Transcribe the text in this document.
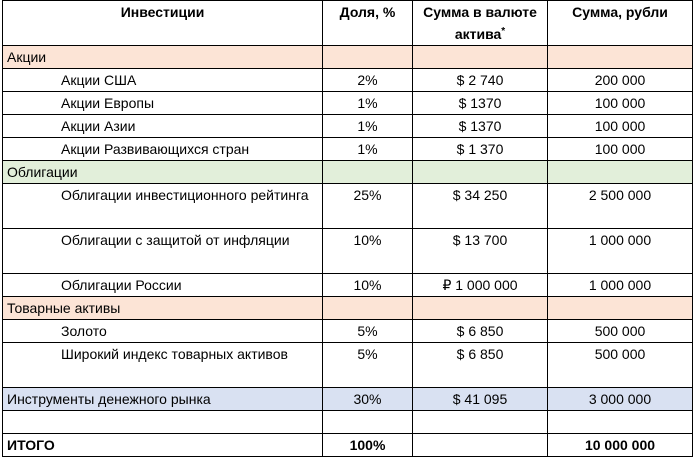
Инвестиции	Доля, %	Сумма в валюте актива*	Сумма, рубли
Акции			
Акции США	2%	$ 2 740	200 000
Акции Европы	1%	$ 1370	100 000
Акции Азии	1%	$ 1370	100 000
Акции Развивающихся стран	1%	$ 1 370	100 000
Облигации			
Облигации инвестиционного рейтинга	25%	$ 34 250	2 500 000
Облигации с защитой от инфляции	10%	$ 13 700	1 000 000
Облигации России	10%	₽ 1 000 000	1 000 000
Товарные активы			
Золото	5%	$ 6 850	500 000
Широкий индекс товарных активов	5%	$ 6 850	500 000
Инструменты денежного рынка	30%	$ 41 095	3 000 000

ИТОГО	100%		10 000 000
